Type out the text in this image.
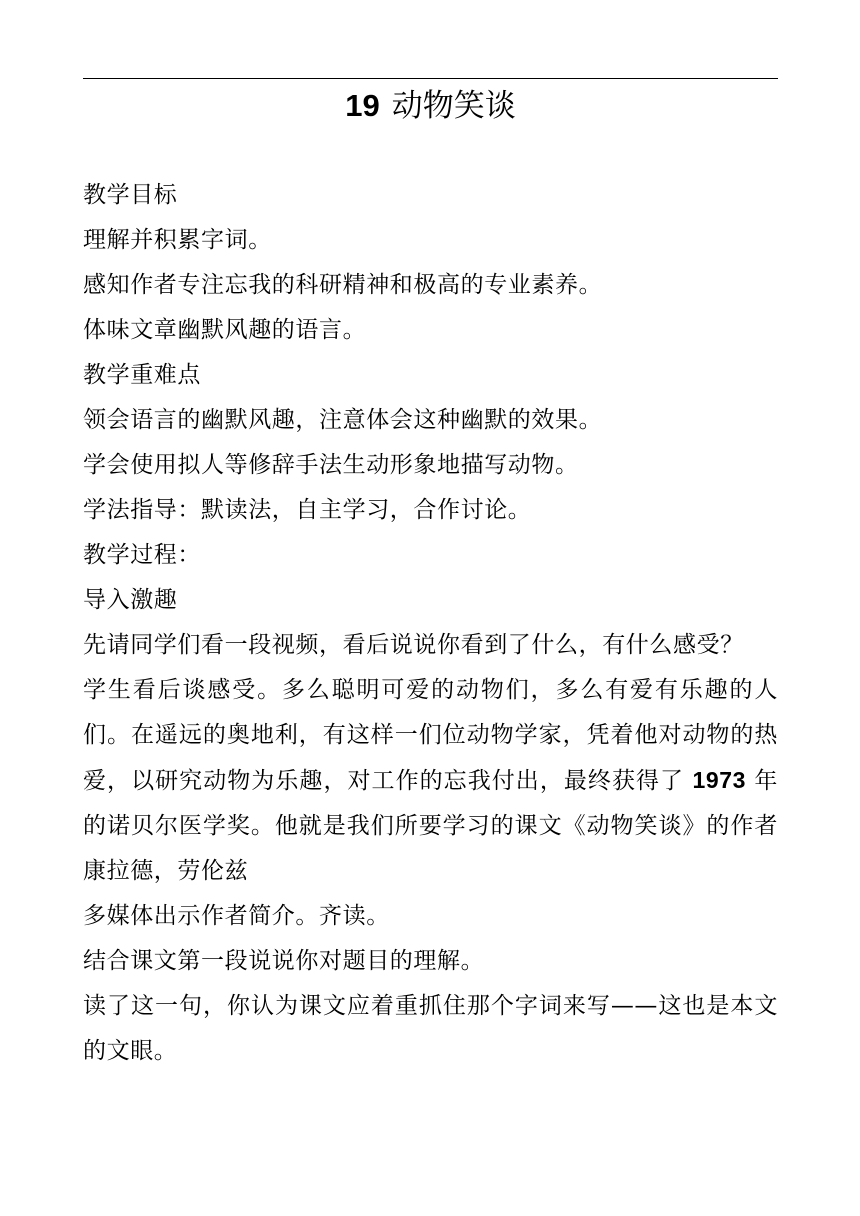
19 动物笑谈

教学目标

理解并积累字词。

感知作者专注忘我的科研精神和极高的专业素养。

体味文章幽默风趣的语言。

教学重难点

领会语言的幽默风趣，注意体会这种幽默的效果。

学会使用拟人等修辞手法生动形象地描写动物。

学法指导：默读法，自主学习，合作讨论。

教学过程：

导入激趣

先请同学们看一段视频，看后说说你看到了什么，有什么感受？

学生看后谈感受。多么聪明可爱的动物们，多么有爱有乐趣的人们。在遥远的奥地利，有这样一们位动物学家，凭着他对动物的热爱，以研究动物为乐趣，对工作的忘我付出，最终获得了 1973 年的诺贝尔医学奖。他就是我们所要学习的课文《动物笑谈》的作者康拉德，劳伦兹

多媒体出示作者简介。齐读。

结合课文第一段说说你对题目的理解。

读了这一句，你认为课文应着重抓住那个字词来写——这也是本文的文眼。
